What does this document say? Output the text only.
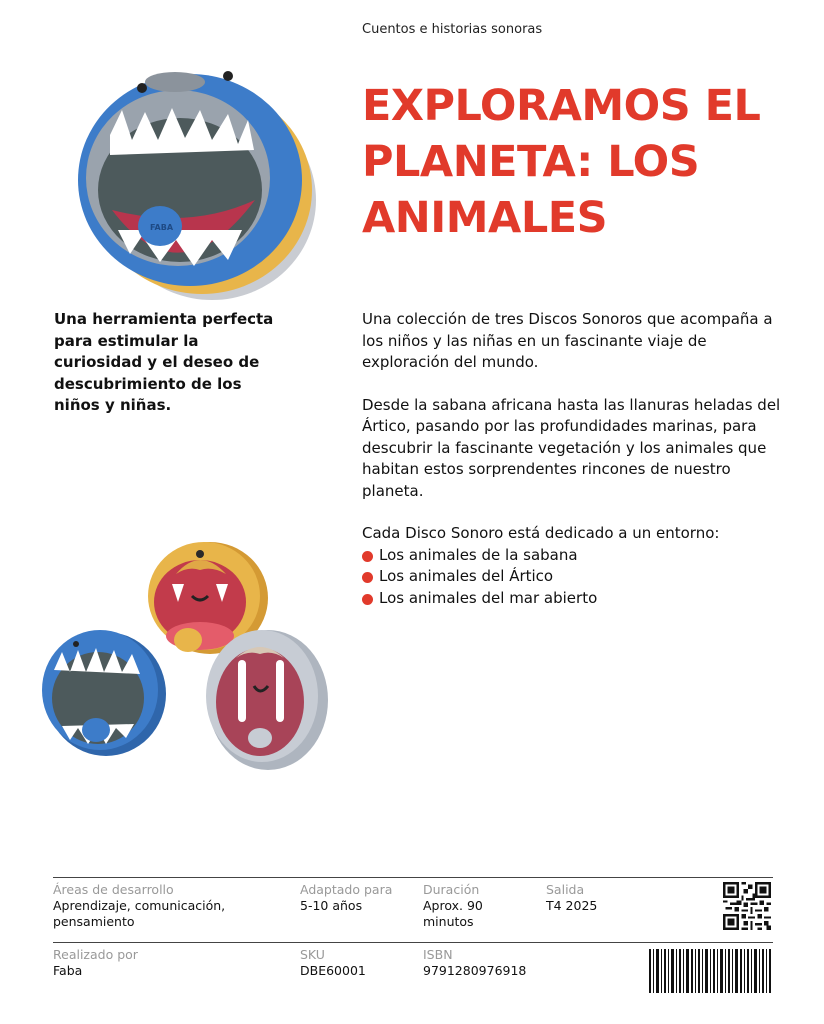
Cuentos e historias sonoras
EXPLORAMOS EL PLANETA: LOS ANIMALES
FABA
Una herramienta perfecta para estimular la curiosidad y el deseo de descubrimiento de los niños y niñas.

Una colección de tres Discos Sonoros que acompaña a los niños y las niñas en un fascinante viaje de exploración del mundo.

Desde la sabana africana hasta las llanuras heladas del Ártico, pasando por las profundidades marinas, para descubrir la fascinante vegetación y los animales que habitan estos sorprendentes rincones de nuestro planeta.

Cada Disco Sonoro está dedicado a un entorno:

Los animales de la sabana
Los animales del Ártico
Los animales del mar abierto
Áreas de desarrollo
Aprendizaje, comunicación, pensamiento
Adaptado para
5-10 años
Duración
Aprox. 90 minutos
Salida
T4 2025
Realizado por
Faba
SKU
DBE60001
ISBN
9791280976918
